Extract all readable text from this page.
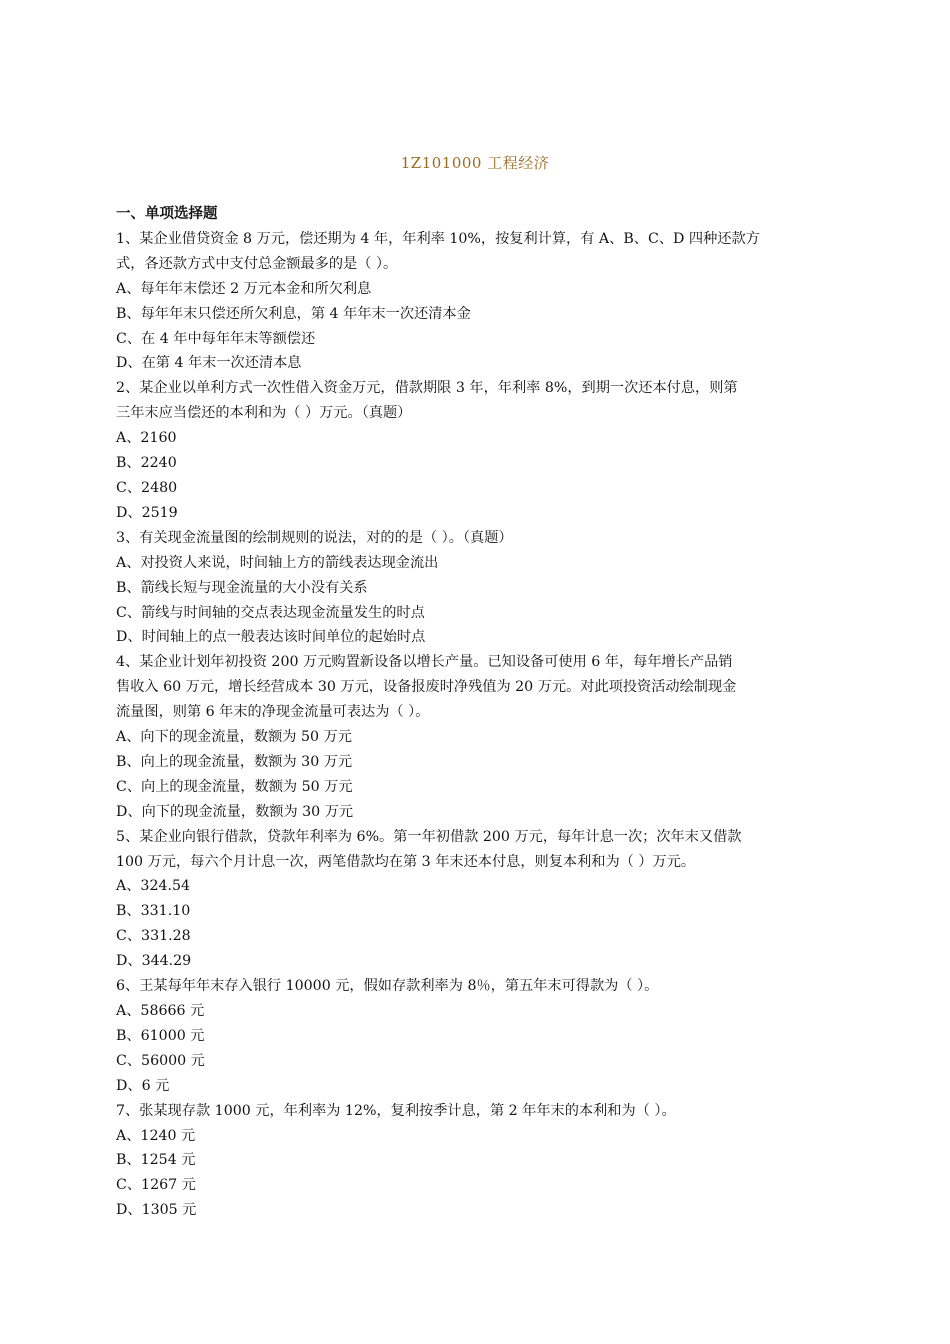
1Z101000 工程经济
一、单项选择题
1、某企业借贷资金 8 万元，偿还期为 4 年，年利率 10%，按复利计算，有 A、B、C、D 四种还款方
式，各还款方式中支付总金额最多的是（ ）。
A、每年年末偿还 2 万元本金和所欠利息
B、每年年末只偿还所欠利息，第 4 年年末一次还清本金
C、在 4 年中每年年末等额偿还
D、在第 4 年末一次还清本息
2、某企业以单利方式一次性借入资金万元，借款期限 3 年，年利率 8%，到期一次还本付息，则第
三年末应当偿还的本利和为（ ）万元。（真题）
A、2160
B、2240
C、2480
D、2519
3、有关现金流量图的绘制规则的说法，对的的是（ ）。（真题）
A、对投资人来说，时间轴上方的箭线表达现金流出
B、箭线长短与现金流量的大小没有关系
C、箭线与时间轴的交点表达现金流量发生的时点
D、时间轴上的点一般表达该时间单位的起始时点
4、某企业计划年初投资 200 万元购置新设备以增长产量。已知设备可使用 6 年，每年增长产品销
售收入 60 万元，增长经营成本 30 万元，设备报废时净残值为 20 万元。对此项投资活动绘制现金
流量图，则第 6 年末的净现金流量可表达为（ ）。
A、向下的现金流量，数额为 50 万元
B、向上的现金流量，数额为 30 万元
C、向上的现金流量，数额为 50 万元
D、向下的现金流量，数额为 30 万元
5、某企业向银行借款，贷款年利率为 6%。第一年初借款 200 万元，每年计息一次；次年末又借款
100 万元，每六个月计息一次，两笔借款均在第 3 年末还本付息，则复本利和为（ ）万元。
A、324.54
B、331.10
C、331.28
D、344.29
6、王某每年年末存入银行 10000 元，假如存款利率为 8％，第五年末可得款为（ ）。
A、58666 元
B、61000 元
C、56000 元
D、6 元
7、张某现存款 1000 元，年利率为 12%，复利按季计息，第 2 年年末的本利和为（ ）。
A、1240 元
B、1254 元
C、1267 元
D、1305 元
